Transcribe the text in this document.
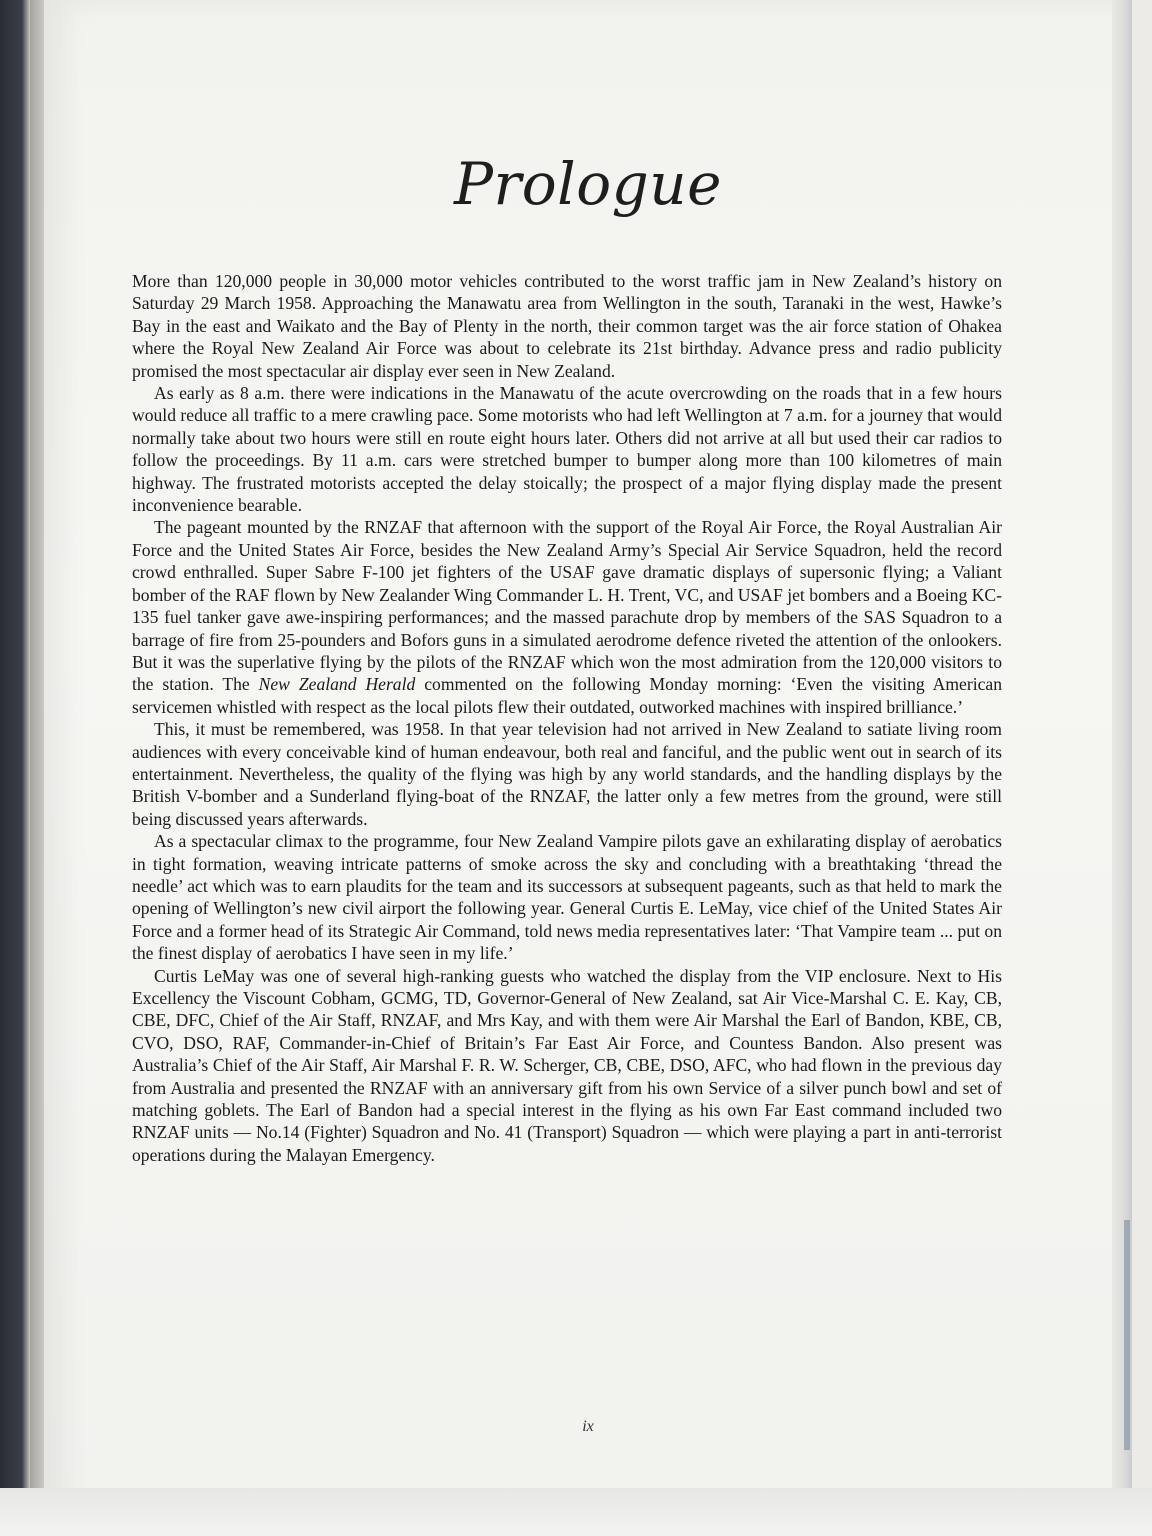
Prologue

More than 120,000 people in 30,000 motor vehicles contributed to the worst traffic jam in New Zealand’s history on Saturday 29 March 1958. Approaching the Manawatu area from Wellington in the south, Taranaki in the west, Hawke’s Bay in the east and Waikato and the Bay of Plenty in the north, their common target was the air force station of Ohakea where the Royal New Zealand Air Force was about to celebrate its 21st birthday. Advance press and radio publicity promised the most spectacular air display ever seen in New Zealand.

As early as 8 a.m. there were indications in the Manawatu of the acute overcrowding on the roads that in a few hours would reduce all traffic to a mere crawling pace. Some motorists who had left Wellington at 7 a.m. for a journey that would normally take about two hours were still en route eight hours later. Others did not arrive at all but used their car radios to follow the proceedings. By 11 a.m. cars were stretched bumper to bumper along more than 100 kilometres of main highway. The frustrated motorists accepted the delay stoically; the prospect of a major flying display made the present inconvenience bearable.

The pageant mounted by the RNZAF that afternoon with the support of the Royal Air Force, the Royal Australian Air Force and the United States Air Force, besides the New Zealand Army’s Special Air Service Squadron, held the record crowd enthralled. Super Sabre F-100 jet fighters of the USAF gave dramatic displays of supersonic flying; a Valiant bomber of the RAF flown by New Zealander Wing Commander L. H. Trent, VC, and USAF jet bombers and a Boeing KC-135 fuel tanker gave awe-inspiring performances; and the massed parachute drop by members of the SAS Squadron to a barrage of fire from 25-pounders and Bofors guns in a simulated aerodrome defence riveted the attention of the onlookers. But it was the superlative flying by the pilots of the RNZAF which won the most admiration from the 120,000 visitors to the station. The New Zealand Herald commented on the following Monday morning: ‘Even the visiting American servicemen whistled with respect as the local pilots flew their outdated, outworked machines with inspired brilliance.’

This, it must be remembered, was 1958. In that year television had not arrived in New Zealand to satiate living room audiences with every conceivable kind of human endeavour, both real and fanciful, and the public went out in search of its entertainment. Nevertheless, the quality of the flying was high by any world standards, and the handling displays by the British V-bomber and a Sunderland flying-boat of the RNZAF, the latter only a few metres from the ground, were still being discussed years afterwards.

As a spectacular climax to the programme, four New Zealand Vampire pilots gave an exhilarating display of aerobatics in tight formation, weaving intricate patterns of smoke across the sky and concluding with a breathtaking ‘thread the needle’ act which was to earn plaudits for the team and its successors at subsequent pageants, such as that held to mark the opening of Wellington’s new civil airport the following year. General Curtis E. LeMay, vice chief of the United States Air Force and a former head of its Strategic Air Command, told news media representatives later: ‘That Vampire team ... put on the finest display of aerobatics I have seen in my life.’

Curtis LeMay was one of several high-ranking guests who watched the display from the VIP enclosure. Next to His Excellency the Viscount Cobham, GCMG, TD, Governor-General of New Zealand, sat Air Vice-Marshal C. E. Kay, CB, CBE, DFC, Chief of the Air Staff, RNZAF, and Mrs Kay, and with them were Air Marshal the Earl of Bandon, KBE, CB, CVO, DSO, RAF, Commander-in-Chief of Britain’s Far East Air Force, and Countess Bandon. Also present was Australia’s Chief of the Air Staff, Air Marshal F. R. W. Scherger, CB, CBE, DSO, AFC, who had flown in the previous day from Australia and presented the RNZAF with an anniversary gift from his own Service of a silver punch bowl and set of matching goblets. The Earl of Bandon had a special interest in the flying as his own Far East command included two RNZAF units — No.14 (Fighter) Squadron and No. 41 (Transport) Squadron — which were playing a part in anti-terrorist operations during the Malayan Emergency.

ix
